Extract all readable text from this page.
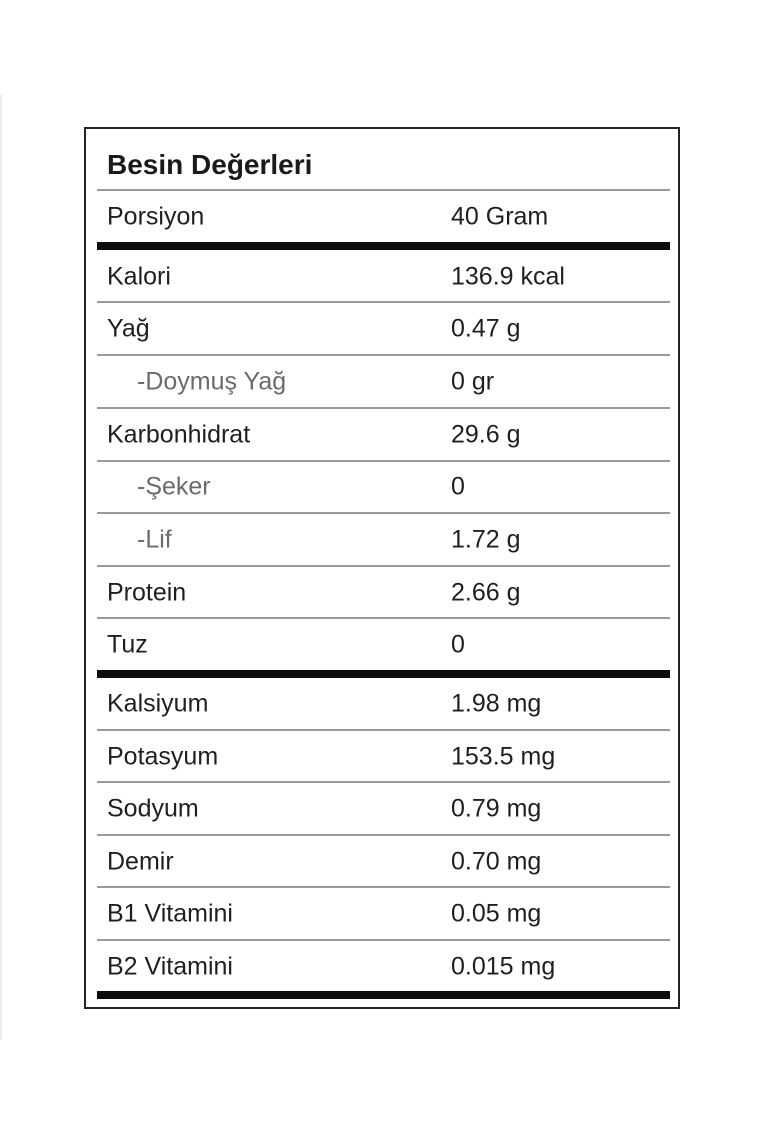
Besin Değerleri
Porsiyon	40 Gram
Kalori	136.9 kcal
Yağ	0.47 g
-Doymuş Yağ	0 gr
Karbonhidrat	29.6 g
-Şeker	0
-Lif	1.72 g
Protein	2.66 g
Tuz	0
Kalsiyum	1.98 mg
Potasyum	153.5 mg
Sodyum	0.79 mg
Demir	0.70 mg
B1 Vitamini	0.05 mg
B2 Vitamini	0.015 mg
